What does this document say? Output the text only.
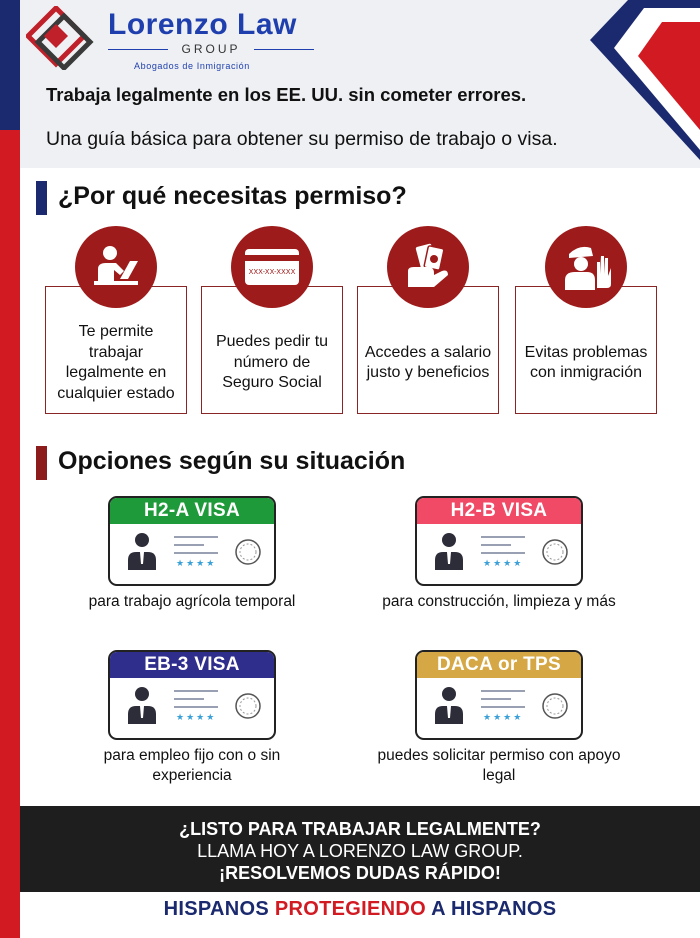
Lorenzo Law
GROUP
Abogados de Inmigración
Trabaja legalmente en los EE. UU. sin cometer errores.
Una guía básica para obtener su permiso de trabajo o visa.
¿Por qué necesitas permiso?
Te permite trabajar legalmente en cualquier estado
Puedes pedir tu número de Seguro Social
XXX-XX-XXXX
Accedes a salario justo y beneficios
Evitas problemas con inmigración
Opciones según su situación
H2-A VISA
★★★★
para trabajo agrícola temporal
H2-B VISA
★★★★
para construcción, limpieza y más
EB-3 VISA
★★★★
para empleo fijo con o sin experiencia
DACA or TPS
★★★★
puedes solicitar permiso con apoyo legal
¿LISTO PARA TRABAJAR LEGALMENTE?
LLAMA HOY A LORENZO LAW GROUP.
¡RESOLVEMOS DUDAS RÁPIDO!
HISPANOS PROTEGIENDO A HISPANOS
